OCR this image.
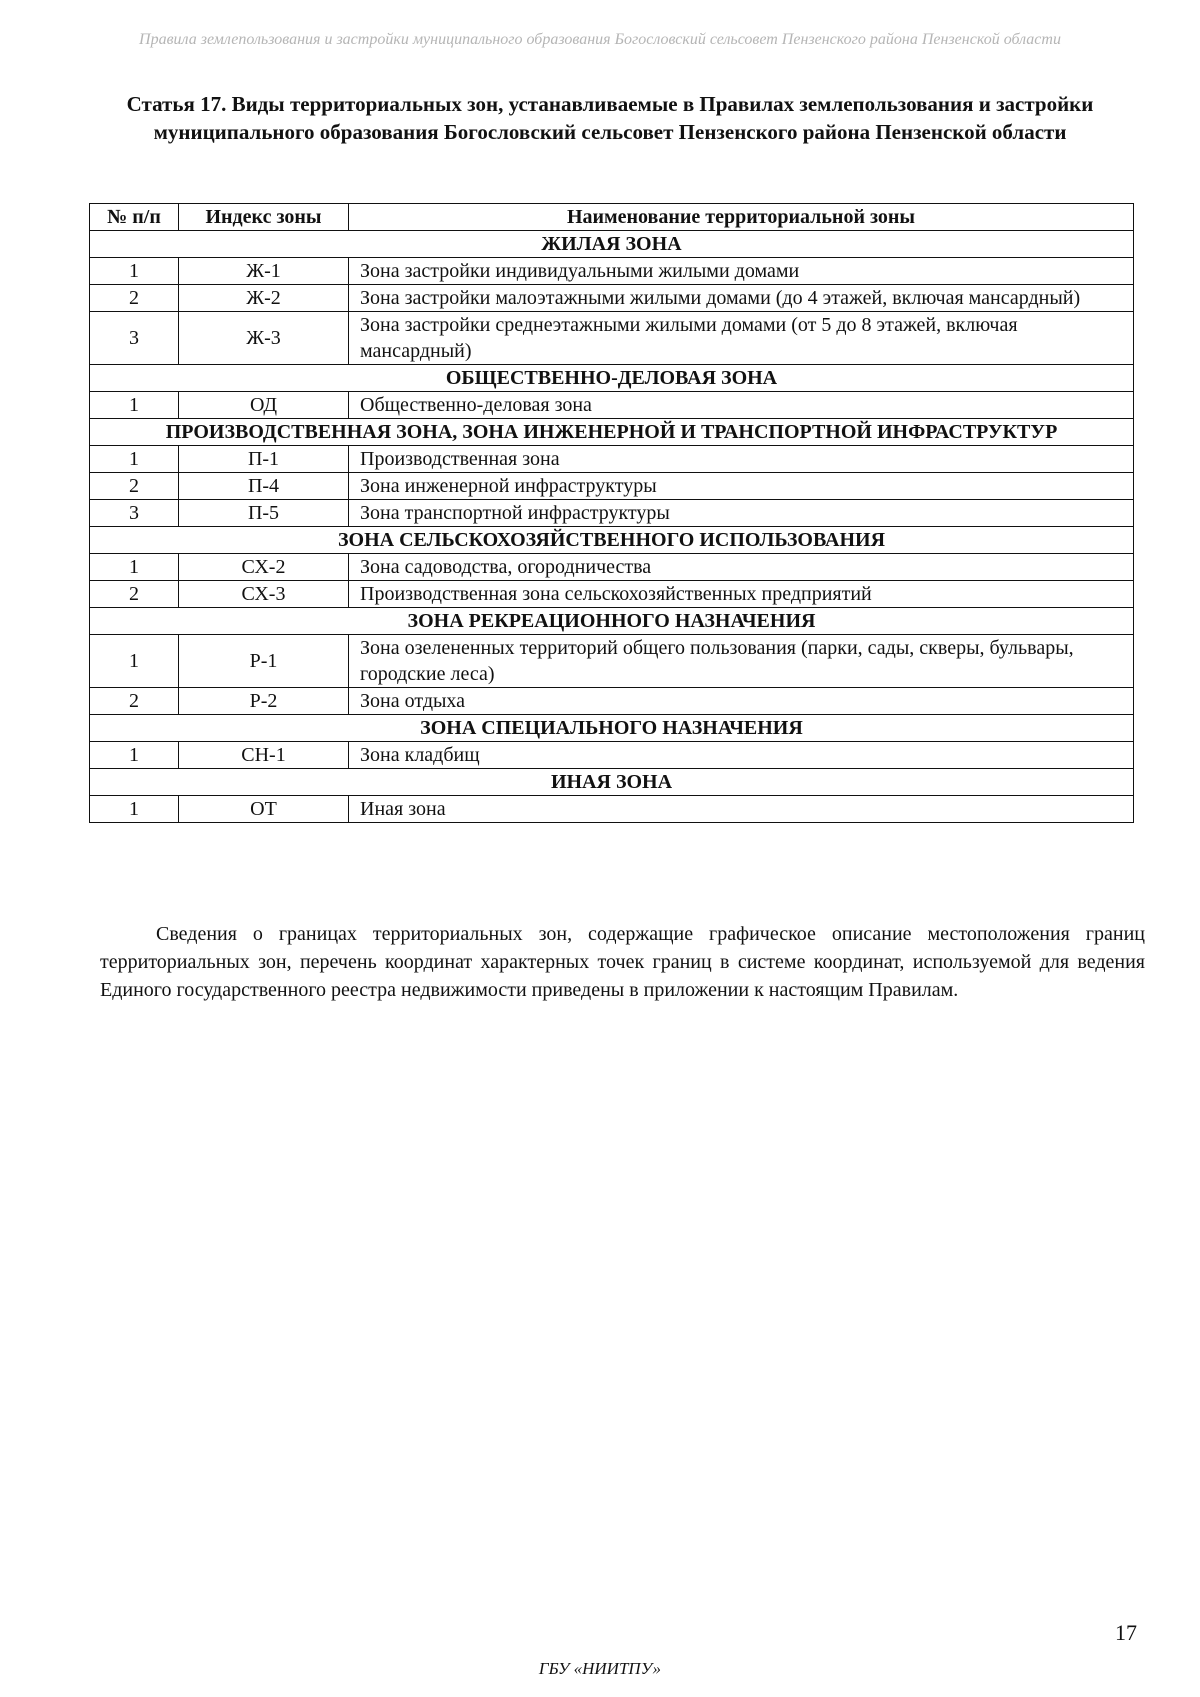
Правила землепользования и застройки муниципального образования Богословский сельсовет Пензенского района Пензенской области
Статья 17. Виды территориальных зон, устанавливаемые в Правилах землепользования и застройки муниципального образования Богословский сельсовет Пензенского района Пензенской области
№ п/п	Индекс зоны	Наименование территориальной зоны
ЖИЛАЯ ЗОНА		
1	Ж-1	Зона застройки индивидуальными жилыми домами
2	Ж-2	Зона застройки малоэтажными жилыми домами (до 4 этажей, включая мансардный)
3	Ж-3	Зона застройки среднеэтажными жилыми домами (от 5 до 8 этажей, включая мансардный)
ОБЩЕСТВЕННО-ДЕЛОВАЯ ЗОНА		
1	ОД	Общественно-деловая зона
ПРОИЗВОДСТВЕННАЯ ЗОНА, ЗОНА ИНЖЕНЕРНОЙ И ТРАНСПОРТНОЙ ИНФРАСТРУКТУР		
1	П-1	Производственная зона
2	П-4	Зона инженерной инфраструктуры
3	П-5	Зона транспортной инфраструктуры
ЗОНА СЕЛЬСКОХОЗЯЙСТВЕННОГО ИСПОЛЬЗОВАНИЯ		
1	СХ-2	Зона садоводства, огородничества
2	СХ-3	Производственная зона сельскохозяйственных предприятий
ЗОНА РЕКРЕАЦИОННОГО НАЗНАЧЕНИЯ		
1	Р-1	Зона озелененных территорий общего пользования (парки, сады, скверы, бульвары, городские леса)
2	Р-2	Зона отдыха
ЗОНА СПЕЦИАЛЬНОГО НАЗНАЧЕНИЯ		
1	СН-1	Зона кладбищ
ИНАЯ ЗОНА		
1	ОТ	Иная зона
Сведения о границах территориальных зон, содержащие графическое описание местоположения границ территориальных зон, перечень координат характерных точек границ в системе координат, используемой для ведения Единого государственного реестра недвижимости приведены в приложении к настоящим Правилам.
17
ГБУ «НИИТПУ»
